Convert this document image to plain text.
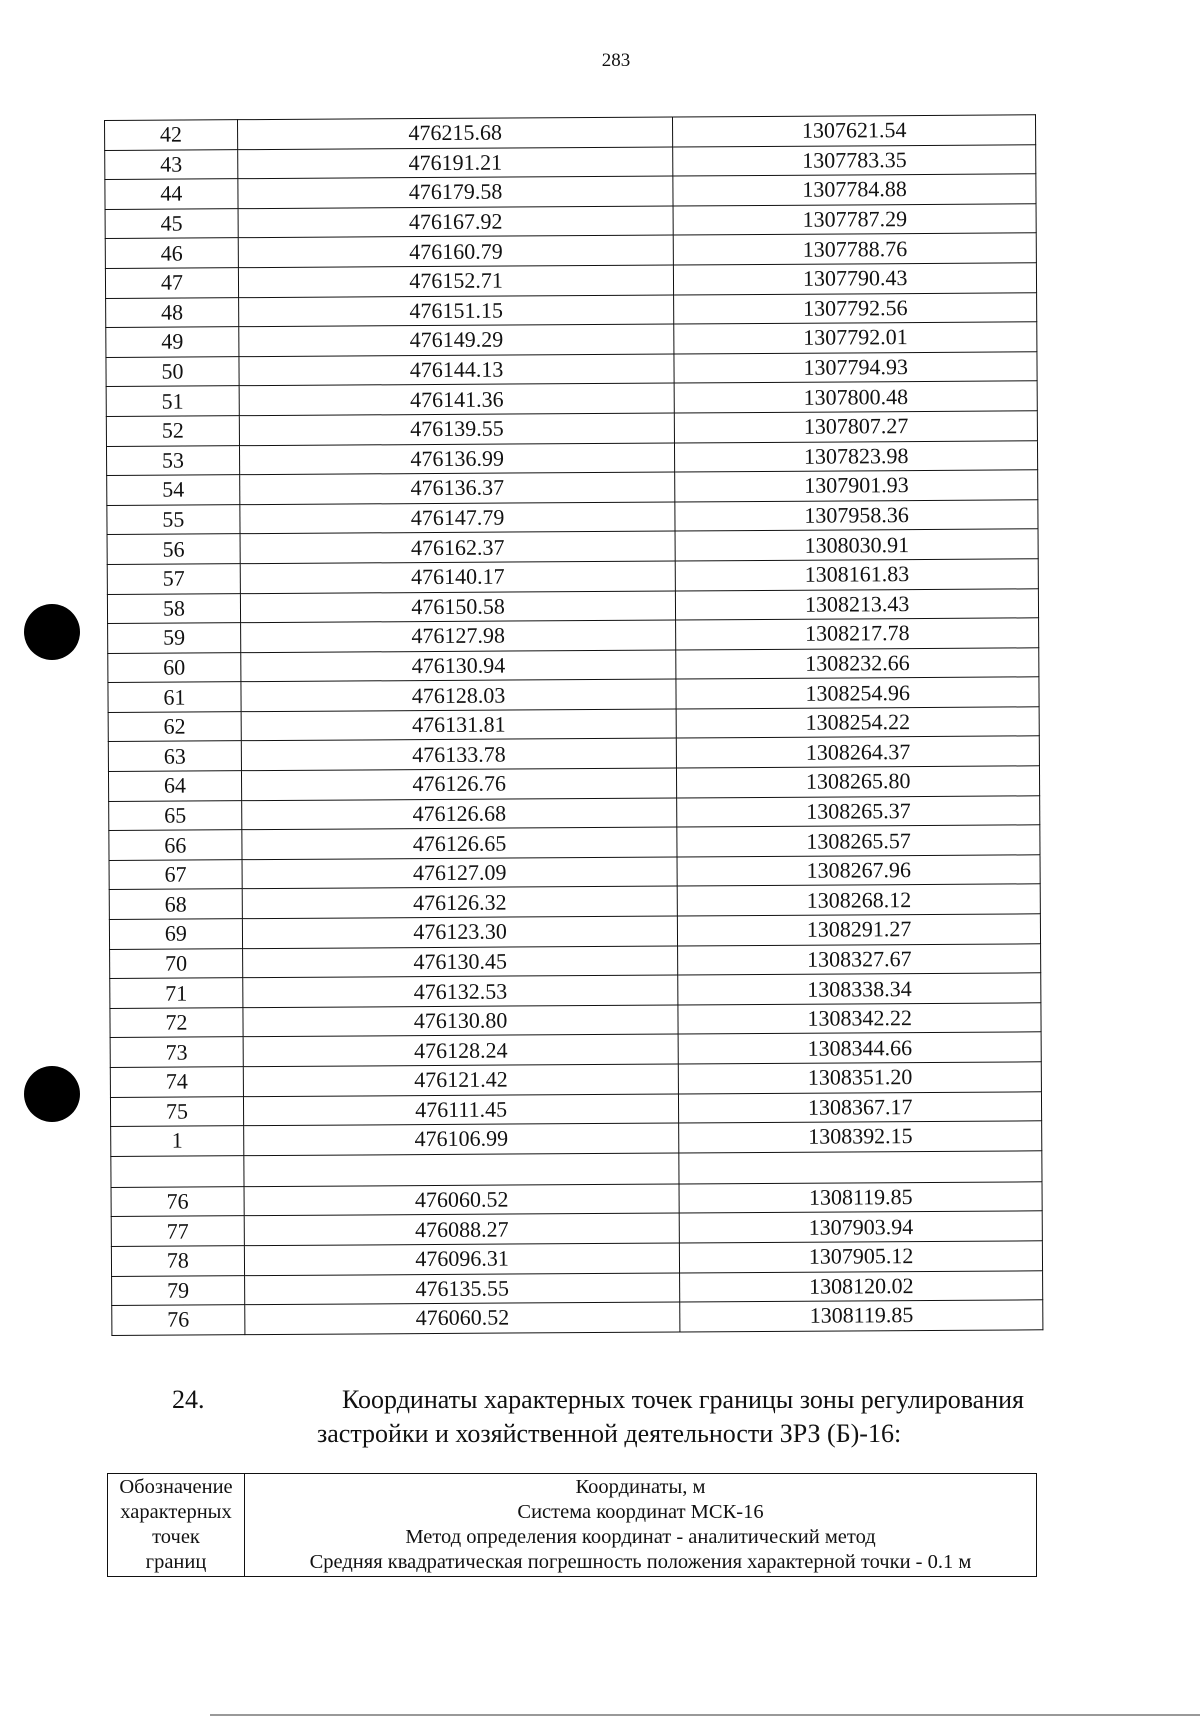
283
42	476215.68	1307621.54
43	476191.21	1307783.35
44	476179.58	1307784.88
45	476167.92	1307787.29
46	476160.79	1307788.76
47	476152.71	1307790.43
48	476151.15	1307792.56
49	476149.29	1307792.01
50	476144.13	1307794.93
51	476141.36	1307800.48
52	476139.55	1307807.27
53	476136.99	1307823.98
54	476136.37	1307901.93
55	476147.79	1307958.36
56	476162.37	1308030.91
57	476140.17	1308161.83
58	476150.58	1308213.43
59	476127.98	1308217.78
60	476130.94	1308232.66
61	476128.03	1308254.96
62	476131.81	1308254.22
63	476133.78	1308264.37
64	476126.76	1308265.80
65	476126.68	1308265.37
66	476126.65	1308265.57
67	476127.09	1308267.96
68	476126.32	1308268.12
69	476123.30	1308291.27
70	476130.45	1308327.67
71	476132.53	1308338.34
72	476130.80	1308342.22
73	476128.24	1308344.66
74	476121.42	1308351.20
75	476111.45	1308367.17
1	476106.99	1308392.15

76	476060.52	1308119.85
77	476088.27	1307903.94
78	476096.31	1307905.12
79	476135.55	1308120.02
76	476060.52	1308119.85
24.	Координаты характерных точек границы зоны регулирования
застройки и хозяйственной деятельности ЗРЗ (Б)-16:
Обозначение
характерных
точек
границ

Координаты, м
Система координат МСК-16
Метод определения координат - аналитический метод
Средняя квадратическая погрешность положения характерной точки - 0.1 м
